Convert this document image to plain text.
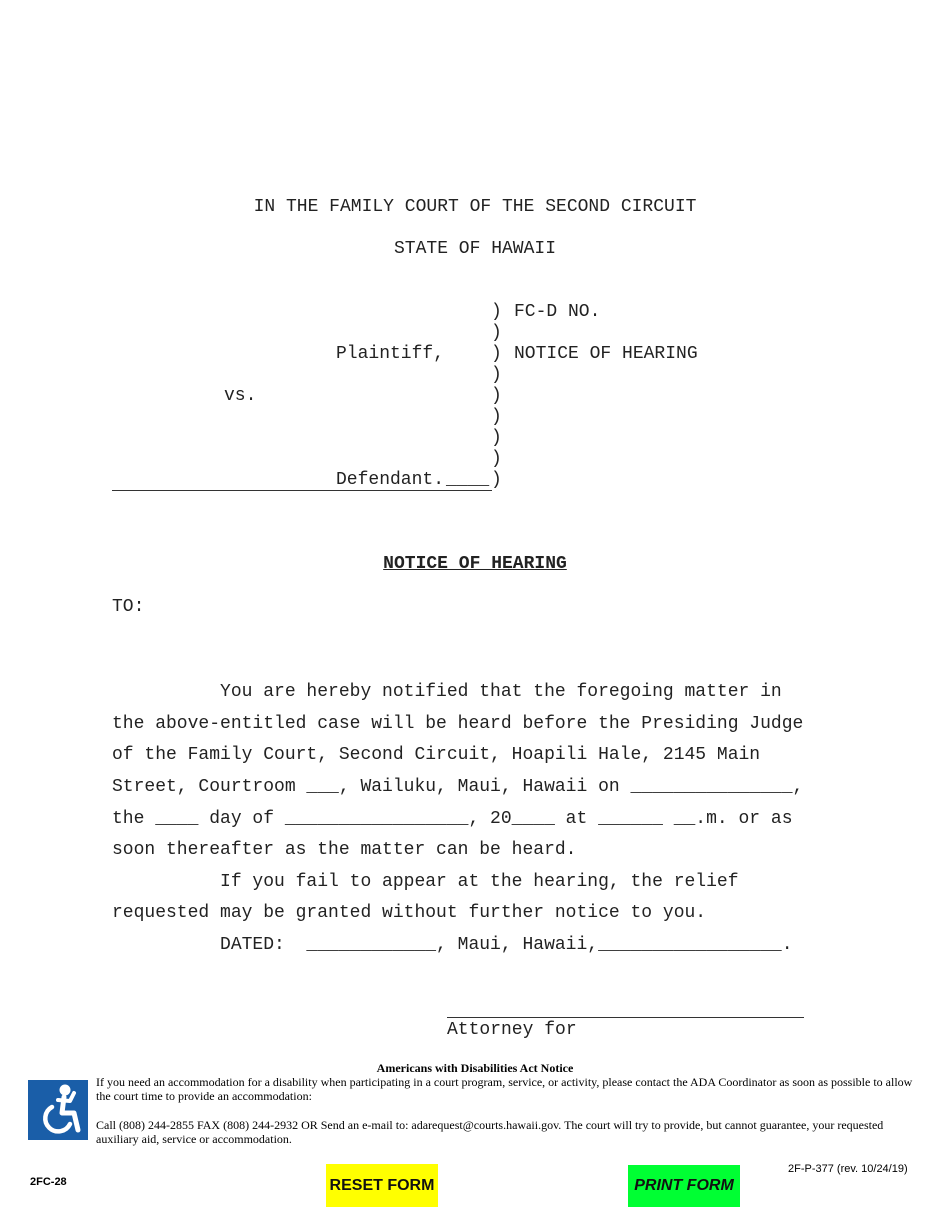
IN THE FAMILY COURT OF THE SECOND CIRCUIT
STATE OF HAWAII
Plaintiff,
vs.
Defendant. ____
)
)
)
)
)
)
)
)
)
FC-D NO.
NOTICE OF HEARING
NOTICE OF HEARING
TO:
You are hereby notified that the foregoing matter in
the above-entitled case will be heard before the Presiding Judge
of the Family Court, Second Circuit, Hoapili Hale, 2145 Main
Street, Courtroom ___, Wailuku, Maui, Hawaii on _______________,
the ____ day of _________________, 20____ at ______ __.m. or as
soon thereafter as the matter can be heard.
If you fail to appear at the hearing, the relief
requested may be granted without further notice to you.
DATED:  ____________, Maui, Hawaii,_________________.
Attorney for
Americans with Disabilities Act Notice
If you need an accommodation for a disability when participating in a court program, service, or activity, please contact the ADA Coordinator as soon as possible to allow the court time to provide an accommodation:
Call (808) 244-2855 FAX (808) 244-2932 OR Send an e-mail to: adarequest@courts.hawaii.gov. The court will try to provide, but cannot guarantee, your requested auxiliary aid, service or accommodation.
2FC-28
2F-P-377 (rev. 10/24/19)
RESET FORM	PRINT FORM
